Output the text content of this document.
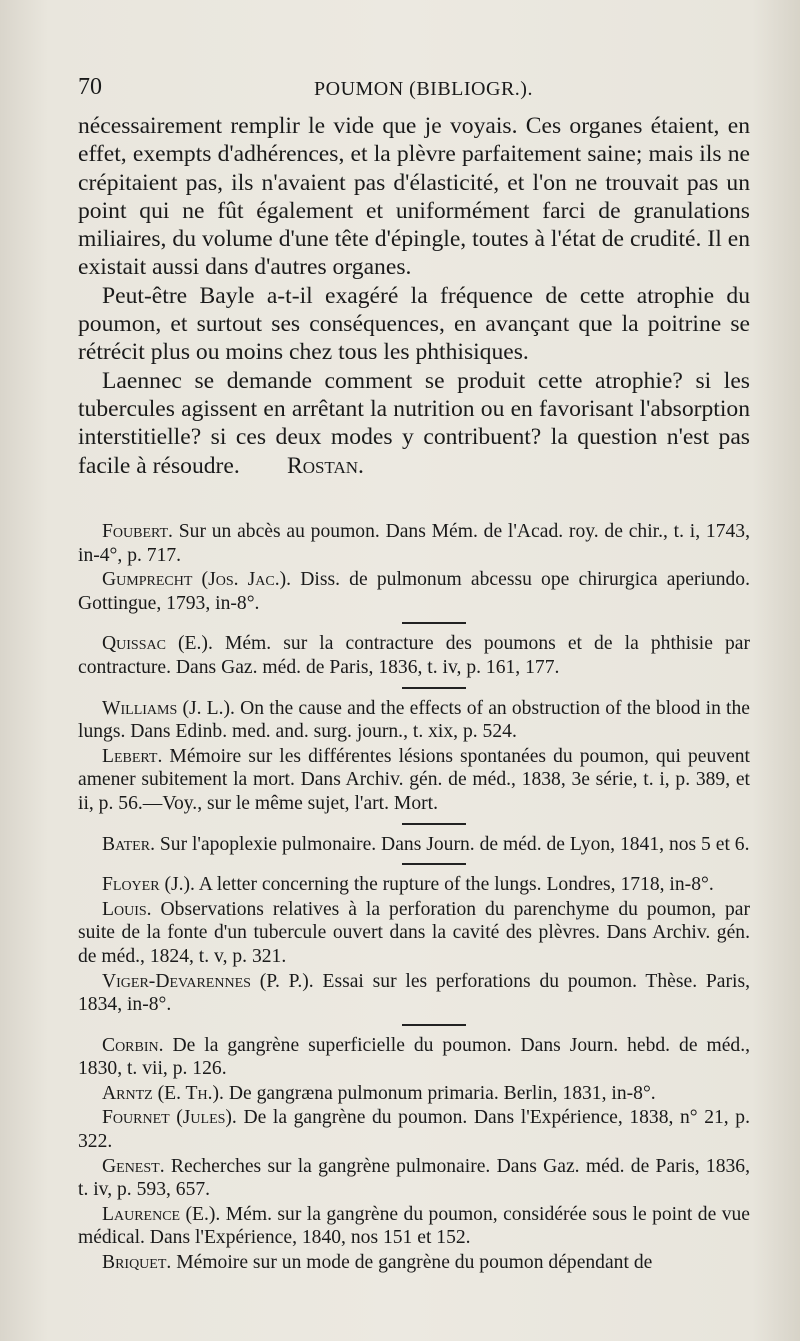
70	POUMON (BIBLIOGR.).

nécessairement remplir le vide que je voyais. Ces organes étaient, en effet, exempts d'adhérences, et la plèvre parfaitement saine; mais ils ne crépitaient pas, ils n'avaient pas d'élasticité, et l'on ne trouvait pas un point qui ne fût également et uniformément farci de granulations miliaires, du volume d'une tête d'épingle, toutes à l'état de crudité. Il en existait aussi dans d'autres organes.

Peut-être Bayle a-t-il exagéré la fréquence de cette atrophie du poumon, et surtout ses conséquences, en avançant que la poitrine se rétrécit plus ou moins chez tous les phthisiques.

Laennec se demande comment se produit cette atrophie? si les tubercules agissent en arrêtant la nutrition ou en favorisant l'absorption interstitielle? si ces deux modes y contribuent? la question n'est pas facile à résoudre. Rostan.

Foubert. Sur un abcès au poumon. Dans Mém. de l'Acad. roy. de chir., t. i, 1743, in-4°, p. 717.

Gumprecht (Jos. Jac.). Diss. de pulmonum abcessu ope chirurgica aperiundo. Gottingue, 1793, in-8°.

Quissac (E.). Mém. sur la contracture des poumons et de la phthisie par contracture. Dans Gaz. méd. de Paris, 1836, t. iv, p. 161, 177.

Williams (J. L.). On the cause and the effects of an obstruction of the blood in the lungs. Dans Edinb. med. and. surg. journ., t. xix, p. 524.

Lebert. Mémoire sur les différentes lésions spontanées du poumon, qui peuvent amener subitement la mort. Dans Archiv. gén. de méd., 1838, 3e série, t. i, p. 389, et ii, p. 56.—Voy., sur le même sujet, l'art. Mort.

Bater. Sur l'apoplexie pulmonaire. Dans Journ. de méd. de Lyon, 1841, nos 5 et 6.

Floyer (J.). A letter concerning the rupture of the lungs. Londres, 1718, in-8°.

Louis. Observations relatives à la perforation du parenchyme du poumon, par suite de la fonte d'un tubercule ouvert dans la cavité des plèvres. Dans Archiv. gén. de méd., 1824, t. v, p. 321.

Viger-Devarennes (P. P.). Essai sur les perforations du poumon. Thèse. Paris, 1834, in-8°.

Corbin. De la gangrène superficielle du poumon. Dans Journ. hebd. de méd., 1830, t. vii, p. 126.

Arntz (E. Th.). De gangræna pulmonum primaria. Berlin, 1831, in-8°.

Fournet (Jules). De la gangrène du poumon. Dans l'Expérience, 1838, n° 21, p. 322.

Genest. Recherches sur la gangrène pulmonaire. Dans Gaz. méd. de Paris, 1836, t. iv, p. 593, 657.

Laurence (E.). Mém. sur la gangrène du poumon, considérée sous le point de vue médical. Dans l'Expérience, 1840, nos 151 et 152.

Briquet. Mémoire sur un mode de gangrène du poumon dépendant de
